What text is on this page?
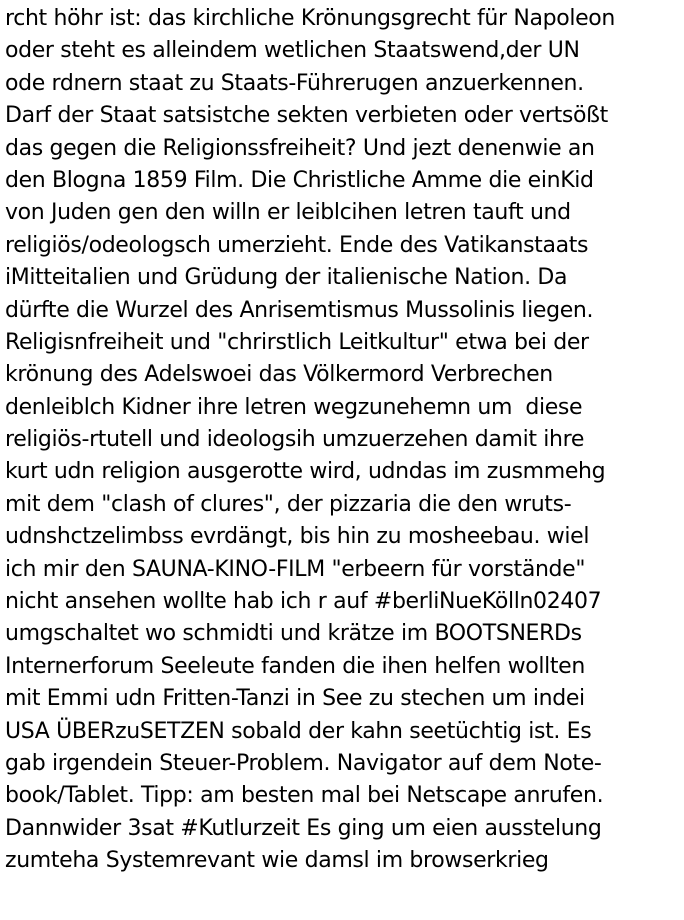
rcht höhr ist: das kirchliche Krönungsgrecht für Napoleon
oder steht es alleindem wetlichen Staatswend,der UN
ode rdnern staat zu Staats-Führerugen anzuerkennen.
Darf der Staat satsistche sekten verbieten oder vertsößt
das gegen die Religionssfreiheit? Und jezt denenwie an
den Blogna 1859 Film. Die Christliche Amme die einKid
von Juden gen den willn er leiblcihen letren tauft und
religiös/odeologsch umerzieht. Ende des Vatikanstaats
iMitteitalien und Grüdung der italienische Nation. Da
dürfte die Wurzel des Anrisemtismus Mussolinis liegen.
Religisnfreiheit und "chrirstlich Leitkultur" etwa bei der
krönung des Adelswoei das Völkermord Verbrechen
denleiblch Kidner ihre letren wegzunehemn um  diese
religiös-rtutell und ideologsih umzuerzehen damit ihre
kurt udn religion ausgerotte wird, udndas im zusmmehg
mit dem "clash of clures", der pizzaria die den wruts-
udnshctzelimbss evrdängt, bis hin zu mosheebau. wiel
ich mir den SAUNA-KINO-FILM "erbeern für vorstände"
nicht ansehen wollte hab ich r auf #berliNueKölln02407
umgschaltet wo schmidti und krätze im BOOTSNERDs
Internerforum Seeleute fanden die ihen helfen wollten
mit Emmi udn Fritten-Tanzi in See zu stechen um indei
USA ÜBERzuSETZEN sobald der kahn seetüchtig ist. Es
gab irgendein Steuer-Problem. Navigator auf dem Note-
book/Tablet. Tipp: am besten mal bei Netscape anrufen.
Dannwider 3sat #Kutlurzeit Es ging um eien ausstelung
zumteha Systemrevant wie damsl im browserkrieg
